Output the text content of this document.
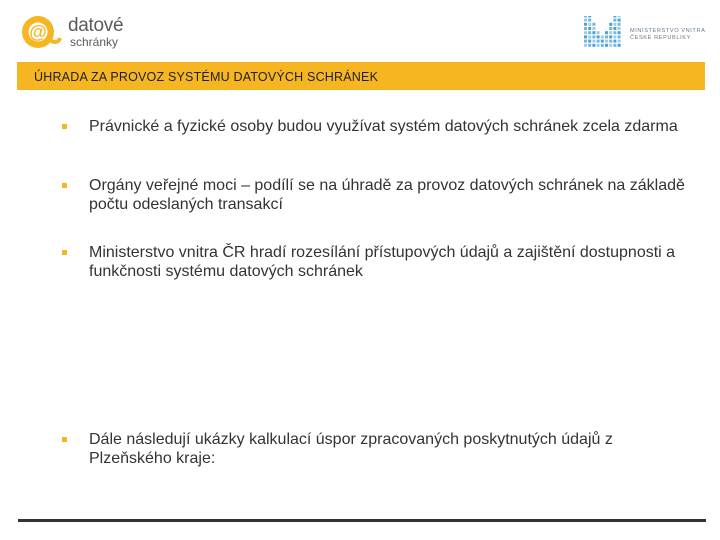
@ datové
schránky
MINISTERSTVO VNITRA
ČESKÉ REPUBLIKY
ÚHRADA ZA PROVOZ SYSTÉMU DATOVÝCH SCHRÁNEK
Právnické a fyzické osoby budou využívat systém datových schránek zcela zdarma
Orgány veřejné moci – podílí se na úhradě za provoz datových schránek na základě počtu odeslaných transakcí
Ministerstvo vnitra ČR hradí rozesílání přístupových údajů a zajištění dostupnosti a funkčnosti systému datových schránek
Dále následují ukázky kalkulací úspor zpracovaných poskytnutých údajů z Plzeňského kraje:
